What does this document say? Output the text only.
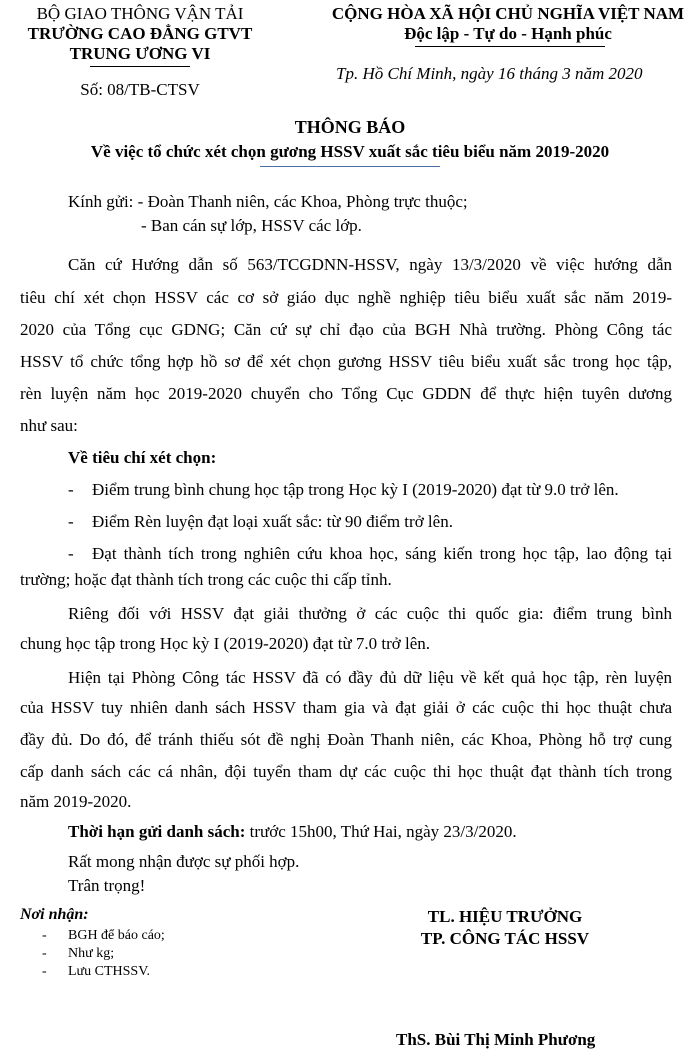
BỘ GIAO THÔNG VẬN TẢI
TRƯỜNG CAO ĐẲNG GTVT
TRUNG ƯƠNG VI
Số: 08/TB-CTSV
CỘNG HÒA XÃ HỘI CHỦ NGHĨA VIỆT NAM
Độc lập - Tự do - Hạnh phúc
Tp. Hồ Chí Minh, ngày 16 tháng 3 năm 2020
THÔNG BÁO
Về việc tổ chức xét chọn gương HSSV xuất sắc tiêu biểu năm 2019-2020
Kính gửi: - Đoàn Thanh niên, các Khoa, Phòng trực thuộc;
- Ban cán sự lớp, HSSV các lớp.
Căn cứ Hướng dẫn số 563/TCGDNN-HSSV, ngày 13/3/2020 về việc hướng dẫn
tiêu chí xét chọn HSSV các cơ sở giáo dục nghề nghiệp tiêu biểu xuất sắc năm 2019-
2020 của Tổng cục GDNG; Căn cứ sự chỉ đạo của BGH Nhà trường. Phòng Công tác
HSSV tổ chức tổng hợp hồ sơ để xét chọn gương HSSV tiêu biểu xuất sắc trong học tập,
rèn luyện năm học 2019-2020 chuyển cho Tổng Cục GDDN để thực hiện tuyên dương
như sau:
Về tiêu chí xét chọn:
- Điểm trung bình chung học tập trong Học kỳ I (2019-2020) đạt từ 9.0 trở lên.
- Điểm Rèn luyện đạt loại xuất sắc: từ 90 điểm trở lên.
- Đạt thành tích trong nghiên cứu khoa học, sáng kiến trong học tập, lao động tại
trường; hoặc đạt thành tích trong các cuộc thi cấp tỉnh.
Riêng đối với HSSV đạt giải thưởng ở các cuộc thi quốc gia: điểm trung bình
chung học tập trong Học kỳ I (2019-2020) đạt từ 7.0 trở lên.
Hiện tại Phòng Công tác HSSV đã có đầy đủ dữ liệu về kết quả học tập, rèn luyện
của HSSV tuy nhiên danh sách HSSV tham gia và đạt giải ở các cuộc thi học thuật chưa
đầy đủ. Do đó, để tránh thiếu sót đề nghị Đoàn Thanh niên, các Khoa, Phòng hỗ trợ cung
cấp danh sách các cá nhân, đội tuyển tham dự các cuộc thi học thuật đạt thành tích trong
năm 2019-2020.
Thời hạn gửi danh sách: trước 15h00, Thứ Hai, ngày 23/3/2020.
Rất mong nhận được sự phối hợp.
Trân trọng!
Nơi nhận:
- BGH để báo cáo;
- Như kg;
- Lưu CTHSSV.
TL. HIỆU TRƯỞNG
TP. CÔNG TÁC HSSV
ThS. Bùi Thị Minh Phương
